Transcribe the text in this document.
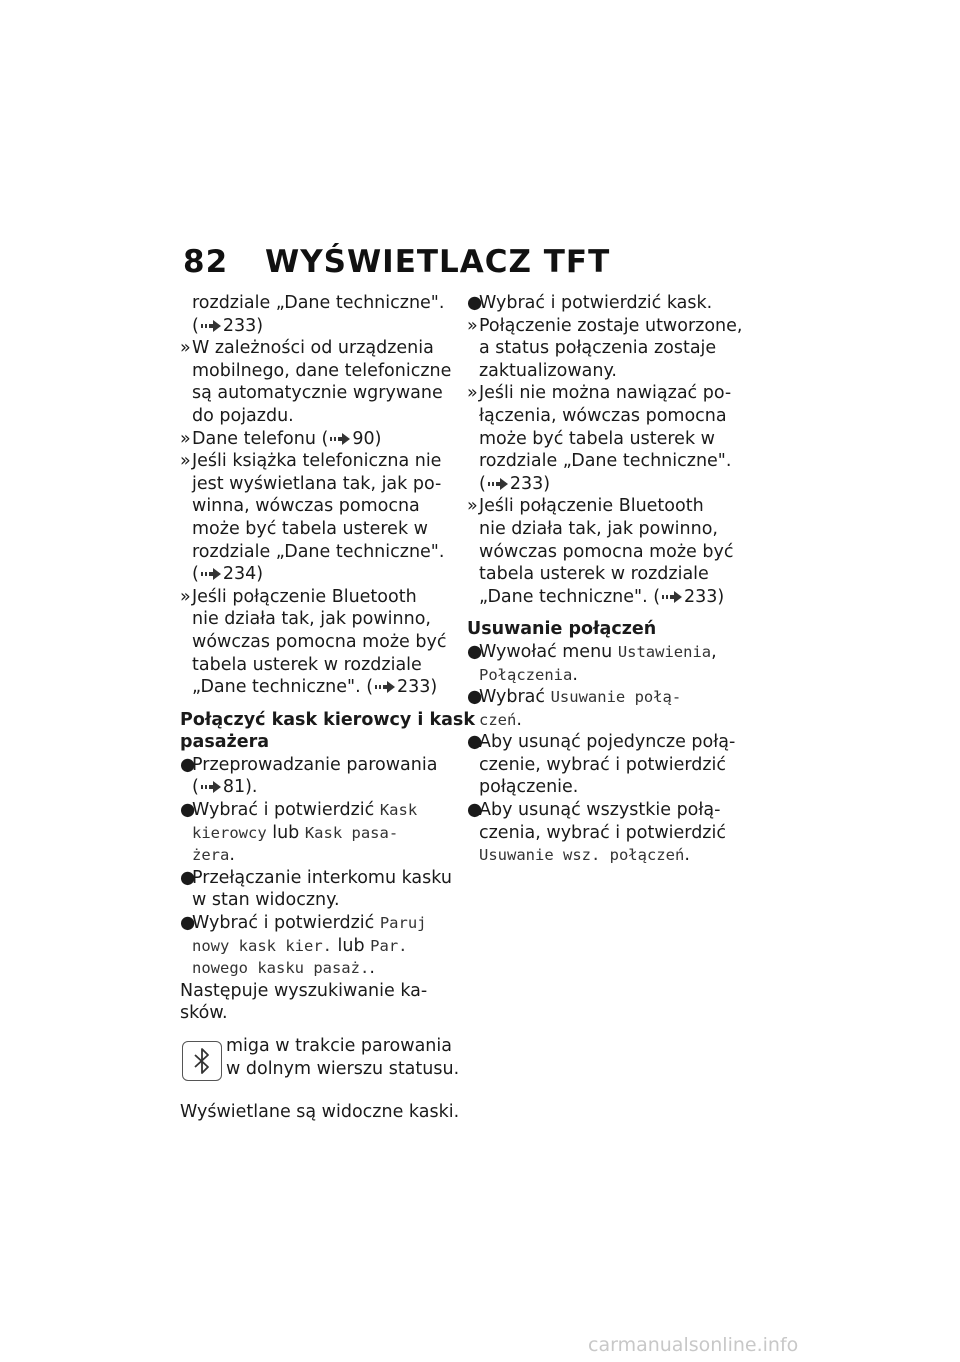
82 WYŚWIETLACZ TFT
rozdziale „Dane techniczne".
( 233)
»W zależności od urządzenia
mobilnego, dane telefoniczne
są automatycznie wgrywane
do pojazdu.
»Dane telefonu ( 90)
»Jeśli książka telefoniczna nie
jest wyświetlana tak, jak po-
winna, wówczas pomocna
może być tabela usterek w
rozdziale „Dane techniczne".
( 234)
»Jeśli połączenie Bluetooth
nie działa tak, jak powinno,
wówczas pomocna może być
tabela usterek w rozdziale
„Dane techniczne". ( 233)
Połączyć kask kierowcy i kask
pasażera
●Przeprowadzanie parowania
( 81).
●Wybrać i potwierdzić Kask
kierowcy lub Kask pasa-
żera.
●Przełączanie interkomu kasku
w stan widoczny.
●Wybrać i potwierdzić Paruj
nowy kask kier. lub Par.
nowego kasku pasaż..
Następuje wyszukiwanie ka-
sków.
miga w trakcie parowania
w dolnym wierszu statusu.
Wyświetlane są widoczne kaski.
●Wybrać i potwierdzić kask.
»Połączenie zostaje utworzone,
a status połączenia zostaje
zaktualizowany.
»Jeśli nie można nawiązać po-
łączenia, wówczas pomocna
może być tabela usterek w
rozdziale „Dane techniczne".
( 233)
»Jeśli połączenie Bluetooth
nie działa tak, jak powinno,
wówczas pomocna może być
tabela usterek w rozdziale
„Dane techniczne". ( 233)
Usuwanie połączeń
●Wywołać menu Ustawienia,
Połączenia.
●Wybrać Usuwanie połą-
czeń.
●Aby usunąć pojedyncze połą-
czenie, wybrać i potwierdzić
połączenie.
●Aby usunąć wszystkie połą-
czenia, wybrać i potwierdzić
Usuwanie wsz. połączeń.
carmanualsonline.info
